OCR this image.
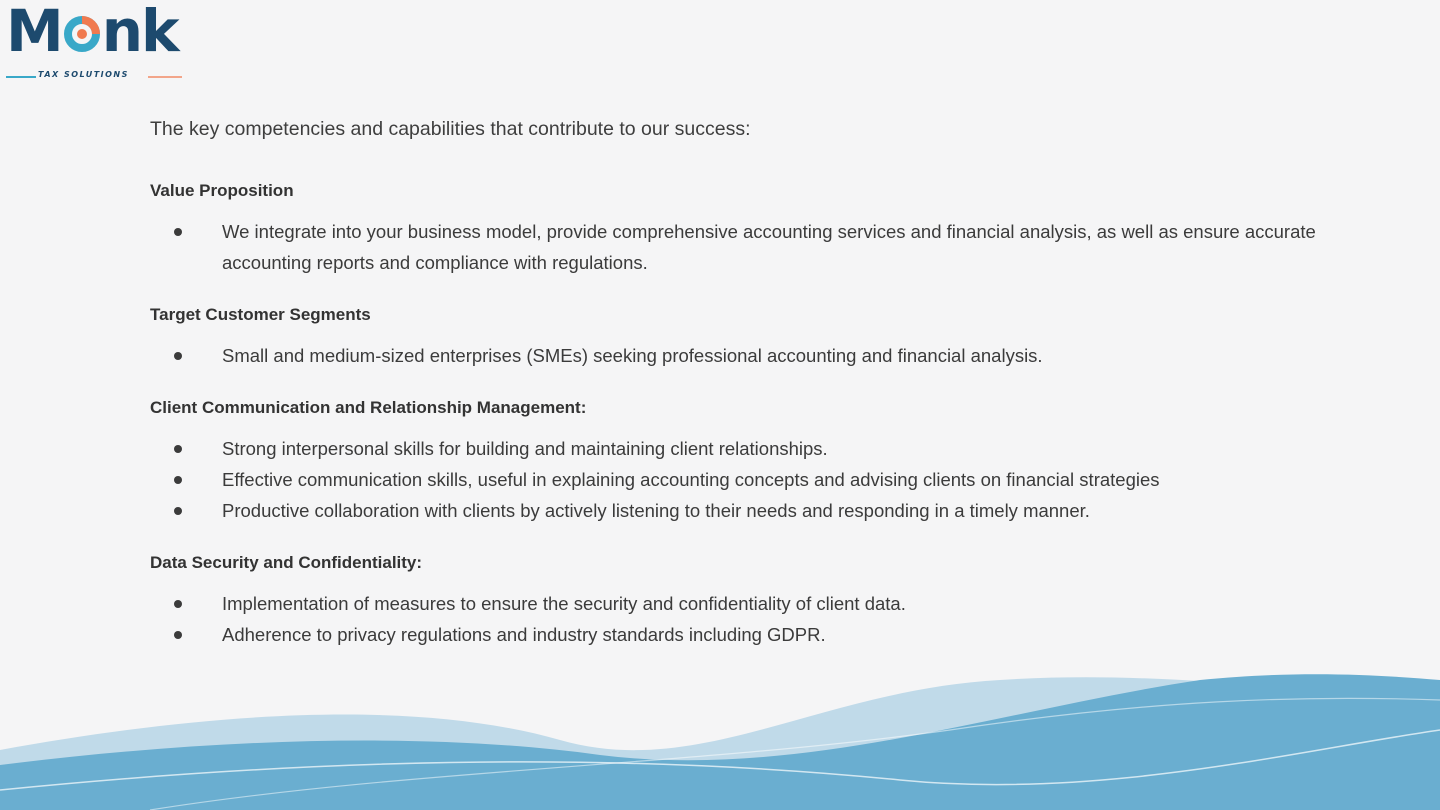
M nk
TAX SOLUTIONS

The key competencies and capabilities that contribute to our success:

Value Proposition
We integrate into your business model, provide comprehensive accounting services and financial analysis, as well as ensure accurate accounting reports and compliance with regulations.
Target Customer Segments
Small and medium-sized enterprises (SMEs) seeking professional accounting and financial analysis.
Client Communication and Relationship Management:
Strong interpersonal skills for building and maintaining client relationships.
Effective communication skills, useful in explaining accounting concepts and advising clients on financial strategies
Productive collaboration with clients by actively listening to their needs and responding in a timely manner.
Data Security and Confidentiality:
Implementation of measures to ensure the security and confidentiality of client data.
Adherence to privacy regulations and industry standards including GDPR.
